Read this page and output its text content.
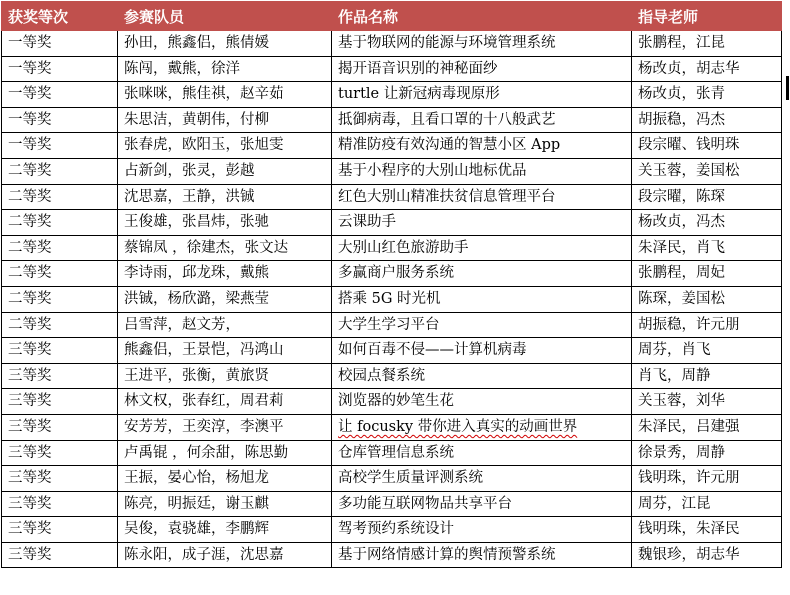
获奖等次	参赛队员	作品名称	指导老师
一等奖	孙田，熊鑫侣，熊倩媛	基于物联网的能源与环境管理系统	张鹏程，江昆
一等奖	陈闯，戴熊，徐洋	揭开语音识别的神秘面纱	杨改贞，胡志华
一等奖	张咪咪，熊佳祺，赵辛茹	turtle 让新冠病毒现原形	杨改贞，张青
一等奖	朱思洁，黄朝伟，付柳	抵御病毒，且看口罩的十八般武艺	胡振稳，冯杰
一等奖	张春虎，欧阳玉，张旭雯	精准防疫有效沟通的智慧小区 App	段宗曜、钱明珠
二等奖	占新剑，张灵，彭越	基于小程序的大别山地标优品	关玉蓉，姜国松
二等奖	沈思嘉，王静，洪铖	红色大别山精准扶贫信息管理平台	段宗曜，陈琛
二等奖	王俊雄，张昌炜，张驰	云课助手	杨改贞，冯杰
二等奖	蔡锦凤 ，徐建杰，张文达	大别山红色旅游助手	朱泽民，肖飞
二等奖	李诗雨，邱龙珠，戴熊	多赢商户服务系统	张鹏程，周妃
二等奖	洪铖，杨欣潞，梁燕莹	搭乘 5G 时光机	陈琛，姜国松
二等奖	吕雪萍，赵文芳，	大学生学习平台	胡振稳，许元朋
三等奖	熊鑫侣，王景恺，冯鸿山	如何百毒不侵——计算机病毒	周芬，肖飞
三等奖	王进平，张衡，黄旅贤	校园点餐系统	肖飞，周静
三等奖	林文权，张春红，周君莉	浏览器的妙笔生花	关玉蓉，刘华
三等奖	安芳芳，王奕淳，李澳平	让 focusky 带你进入真实的动画世界	朱泽民，吕建强
三等奖	卢禹锟 ，何余甜，陈思勤	仓库管理信息系统	徐景秀，周静
三等奖	王振，晏心怡，杨旭龙	高校学生质量评测系统	钱明珠，许元朋
三等奖	陈亮，明振廷，谢玉麒	多功能互联网物品共享平台	周芬，江昆
三等奖	吴俊，袁骁雄，李鹏辉	驾考预约系统设计	钱明珠，朱泽民
三等奖	陈永阳，成子涯，沈思嘉	基于网络情感计算的舆情预警系统	魏银珍，胡志华
